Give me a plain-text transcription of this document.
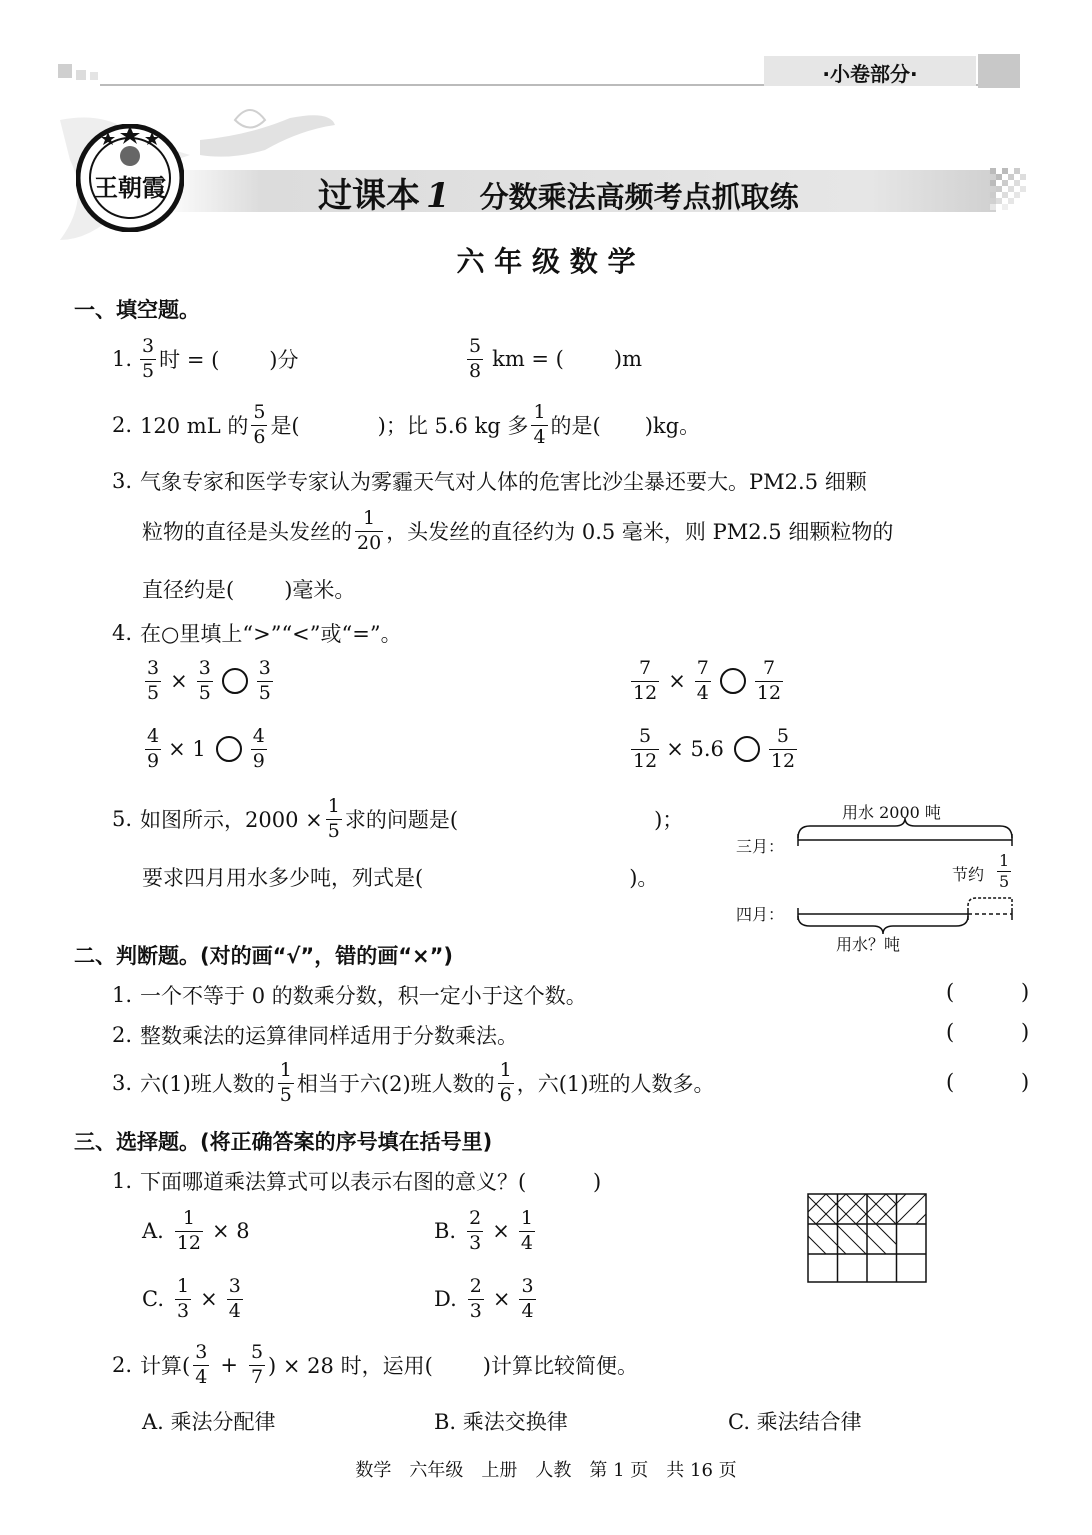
·小卷部分·
王朝霞	过课本 1 分数乘法高频考点抓取练
六 年 级 数 学
一、填空题。
1. $\frac{3}{5}$ 时 = ( )分	$\frac{5}{8}$ km = ( )m
2. 120 mL 的 $\frac{5}{6}$ 是(	)；比 5.6 kg 多 $\frac{1}{4}$ 的是( )kg。
3. 气象专家和医学专家认为雾霾天气对人体的危害比沙尘暴还要大。PM2.5 细颗
粒物的直径是头发丝的 $\frac{1}{20}$ ，头发丝的直径约为 0.5 毫米，则 PM2.5 细颗粒物的
直径约是( )毫米。
4. 在○里填上“>”“<”或“=”。
$\frac{3}{5} \times \frac{3}{5} \frac{3}{5}$	$\frac{7}{12} \times \frac{7}{4} \frac{7}{12}$
$\frac{4}{9} \times 1 \frac{4}{9}$	$\frac{5}{12} \times 5.6 \frac{5}{12}$
5. 如图所示，$2000 \times \frac{1}{5}$ 求的问题是(	)；
要求四月用水多少吨，列式是(	)。
用水 2000 吨
三月：
节约 $\frac{1}{5}$
四月：
用水？吨
二、判断题。(对的画“√”，错的画“×”)
1. 一个不等于 0 的数乘分数，积一定小于这个数。	(          )
2. 整数乘法的运算律同样适用于分数乘法。	(          )
3. 六(1)班人数的 $\frac{1}{5}$ 相当于六(2)班人数的 $\frac{1}{6}$ ，六(1)班的人数多。	(          )
三、选择题。(将正确答案的序号填在括号里)
1. 下面哪道乘法算式可以表示右图的意义？(          )
A. $\frac{1}{12} \times 8$	B. $\frac{2}{3} \times \frac{1}{4}$
C. $\frac{1}{3} \times \frac{3}{4}$	D. $\frac{2}{3} \times \frac{3}{4}$
2. 计算( $\frac{3}{4} + \frac{5}{7}$ ) × 28 时，运用( )计算比较简便。
A. 乘法分配律	B. 乘法交换律	C. 乘法结合律
数学　六年级　上册　人教　第 1 页　共 16 页
